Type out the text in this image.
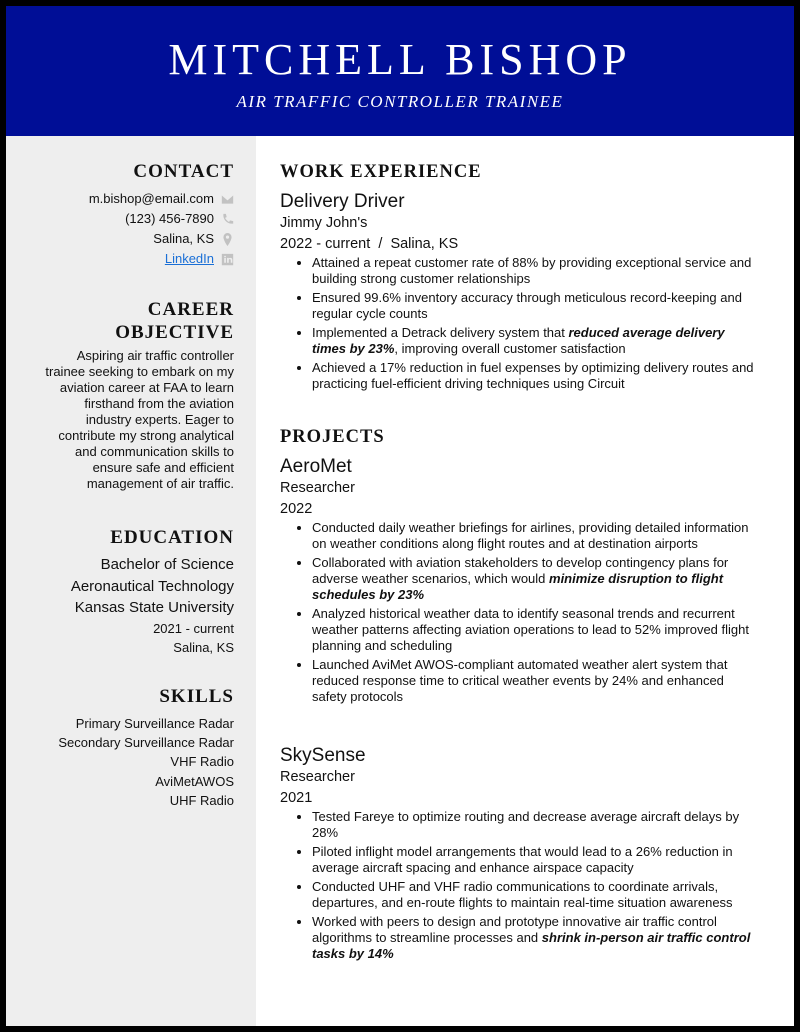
MITCHELL BISHOP
AIR TRAFFIC CONTROLLER TRAINEE
CONTACT
m.bishop@email.com
(123) 456-7890
Salina, KS
LinkedIn
CAREER
OBJECTIVE
Aspiring air traffic controller trainee seeking to embark on my aviation career at FAA to learn firsthand from the aviation industry experts. Eager to contribute my strong analytical and communication skills to ensure safe and efficient management of air traffic.
EDUCATION
Bachelor of Science
Aeronautical Technology
Kansas State University
2021 - current
Salina, KS
SKILLS
Primary Surveillance Radar
Secondary Surveillance Radar
VHF Radio
AviMetAWOS
UHF Radio
WORK EXPERIENCE
Delivery Driver
Jimmy John's
2022 - current / Salina, KS
• Attained a repeat customer rate of 88% by providing exceptional service and building strong customer relationships
• Ensured 99.6% inventory accuracy through meticulous record-keeping and regular cycle counts
• Implemented a Detrack delivery system that reduced average delivery times by 23%, improving overall customer satisfaction
• Achieved a 17% reduction in fuel expenses by optimizing delivery routes and practicing fuel-efficient driving techniques using Circuit
PROJECTS
AeroMet
Researcher
2022
• Conducted daily weather briefings for airlines, providing detailed information on weather conditions along flight routes and at destination airports
• Collaborated with aviation stakeholders to develop contingency plans for adverse weather scenarios, which would minimize disruption to flight schedules by 23%
• Analyzed historical weather data to identify seasonal trends and recurrent weather patterns affecting aviation operations to lead to 52% improved flight planning and scheduling
• Launched AviMet AWOS-compliant automated weather alert system that reduced response time to critical weather events by 24% and enhanced safety protocols
SkySense
Researcher
2021
• Tested Fareye to optimize routing and decrease average aircraft delays by 28%
• Piloted inflight model arrangements that would lead to a 26% reduction in average aircraft spacing and enhance airspace capacity
• Conducted UHF and VHF radio communications to coordinate arrivals, departures, and en-route flights to maintain real-time situation awareness
• Worked with peers to design and prototype innovative air traffic control algorithms to streamline processes and shrink in-person air traffic control tasks by 14%
